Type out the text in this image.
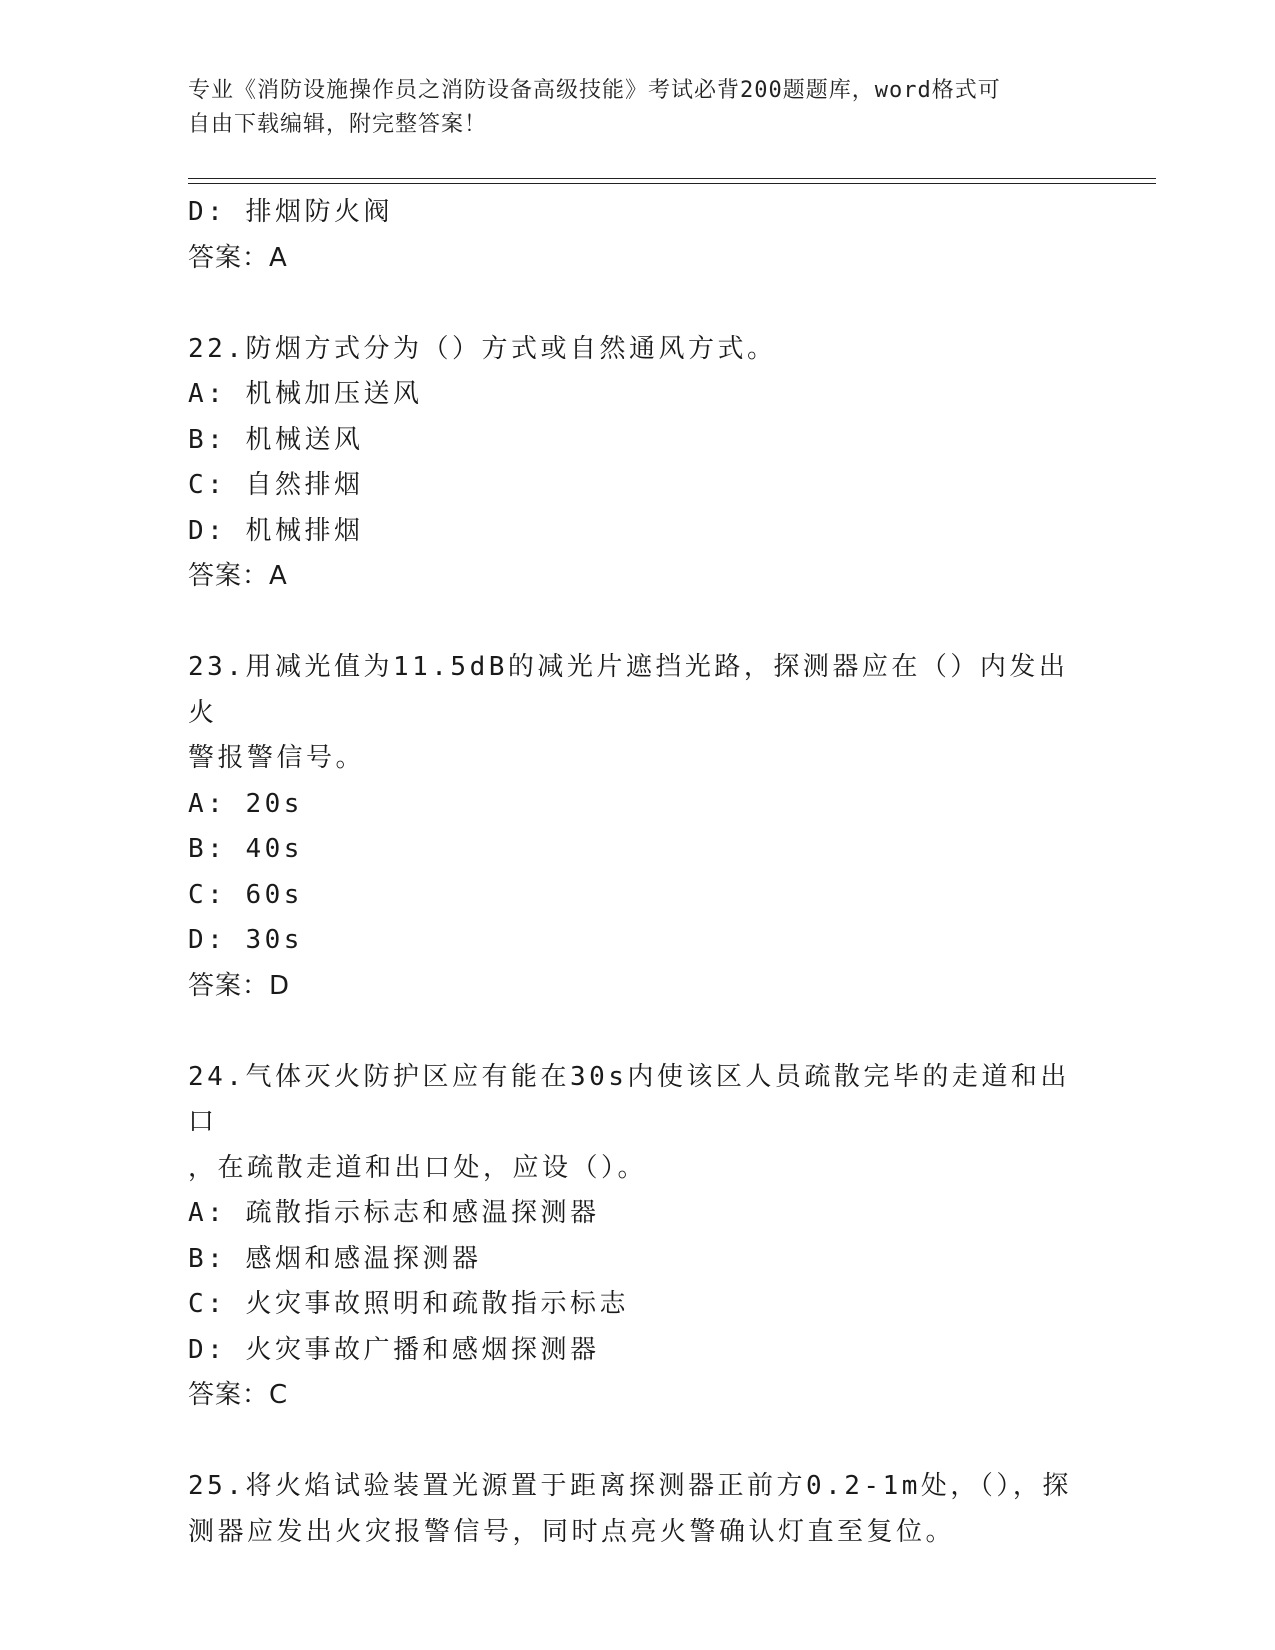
专业《消防设施操作员之消防设备高级技能》考试必背200题题库，word格式可
自由下载编辑，附完整答案！
D: 排烟防火阀
答案：A
22.防烟方式分为（）方式或自然通风方式。
A: 机械加压送风
B: 机械送风
C: 自然排烟
D: 机械排烟
答案：A
23.用减光值为11.5dB的减光片遮挡光路，探测器应在（）内发出火
警报警信号。
A: 20s
B: 40s
C: 60s
D: 30s
答案：D
24.气体灭火防护区应有能在30s内使该区人员疏散完毕的走道和出口
，在疏散走道和出口处，应设（）。
A: 疏散指示标志和感温探测器
B: 感烟和感温探测器
C: 火灾事故照明和疏散指示标志
D: 火灾事故广播和感烟探测器
答案：C
25.将火焰试验装置光源置于距离探测器正前方0.2-1m处，（），探
测器应发出火灾报警信号，同时点亮火警确认灯直至复位。
